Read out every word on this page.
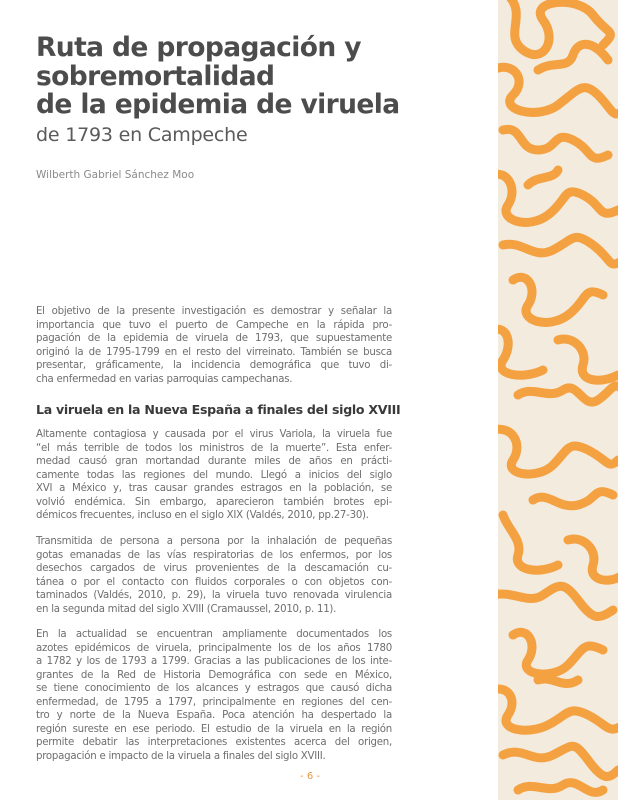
Ruta de propagación y
sobremortalidad
de la epidemia de viruela
de 1793 en Campeche
Wilberth Gabriel Sánchez Moo
El objetivo de la presente investigación es demostrar y señalar la
importancia que tuvo el puerto de Campeche en la rápida pro-
pagación de la epidemia de viruela de 1793, que supuestamente
originó la de 1795-1799 en el resto del virreinato. También se busca
presentar, gráficamente, la incidencia demográfica que tuvo di-
cha enfermedad en varias parroquias campechanas.
La viruela en la Nueva España a finales del siglo XVIII
Altamente contagiosa y causada por el virus Variola, la viruela fue
“el más terrible de todos los ministros de la muerte”. Esta enfer-
medad causó gran mortandad durante miles de años en prácti-
camente todas las regiones del mundo. Llegó a inicios del siglo
XVI a México y, tras causar grandes estragos en la población, se
volvió endémica. Sin embargo, aparecieron también brotes epi-
démicos frecuentes, incluso en el siglo XIX (Valdés, 2010, pp.27-30).
Transmitida de persona a persona por la inhalación de pequeñas
gotas emanadas de las vías respiratorias de los enfermos, por los
desechos cargados de virus provenientes de la descamación cu-
tánea o por el contacto con fluidos corporales o con objetos con-
taminados (Valdés, 2010, p. 29), la viruela tuvo renovada virulencia
en la segunda mitad del siglo XVIII (Cramaussel, 2010, p. 11).
En la actualidad se encuentran ampliamente documentados los
azotes epidémicos de viruela, principalmente los de los años 1780
a 1782 y los de 1793 a 1799. Gracias a las publicaciones de los inte-
grantes de la Red de Historia Demográfica con sede en México,
se tiene conocimiento de los alcances y estragos que causó dicha
enfermedad, de 1795 a 1797, principalmente en regiones del cen-
tro y norte de la Nueva España. Poca atención ha despertado la
región sureste en ese periodo. El estudio de la viruela en la región
permite debatir las interpretaciones existentes acerca del origen,
propagación e impacto de la viruela a finales del siglo XVIII.
- 6 -
